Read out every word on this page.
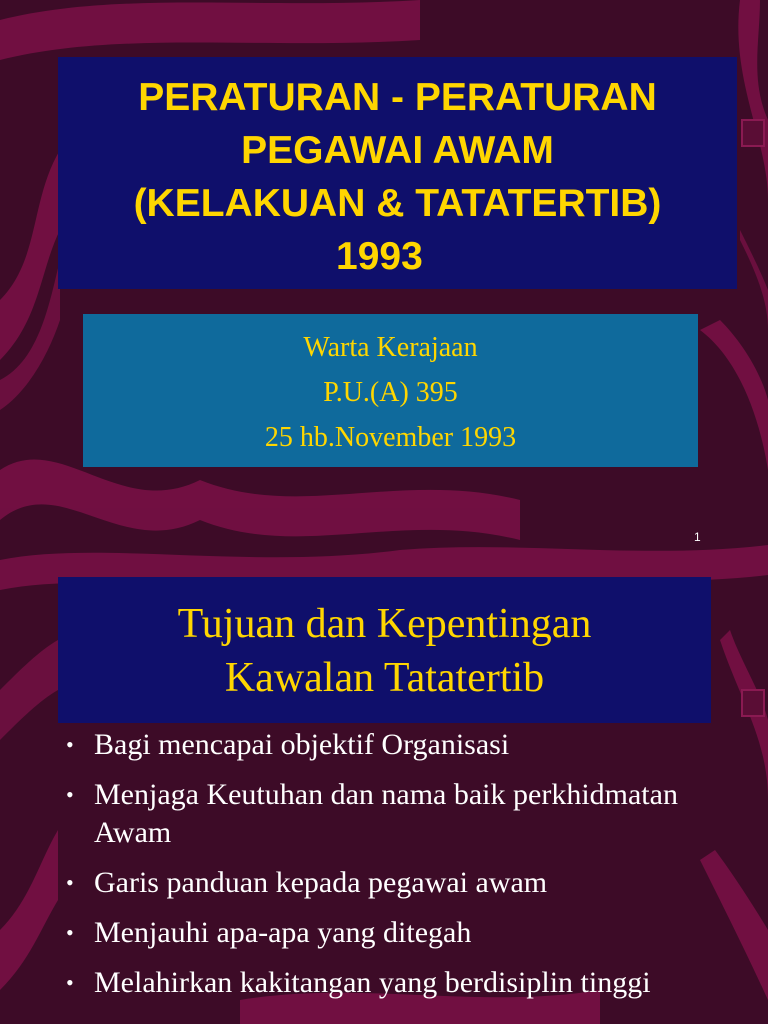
PERATURAN - PERATURAN
PEGAWAI AWAM
(KELAKUAN & TATATERTIB)
1993
Warta Kerajaan
P.U.(A) 395
25 hb.November 1993
1
Tujuan dan Kepentingan
Kawalan Tatatertib
• Bagi mencapai objektif Organisasi
• Menjaga Keutuhan dan nama baik perkhidmatan Awam
• Garis panduan kepada pegawai awam
• Menjauhi apa-apa yang ditegah
• Melahirkan kakitangan yang berdisiplin tinggi
